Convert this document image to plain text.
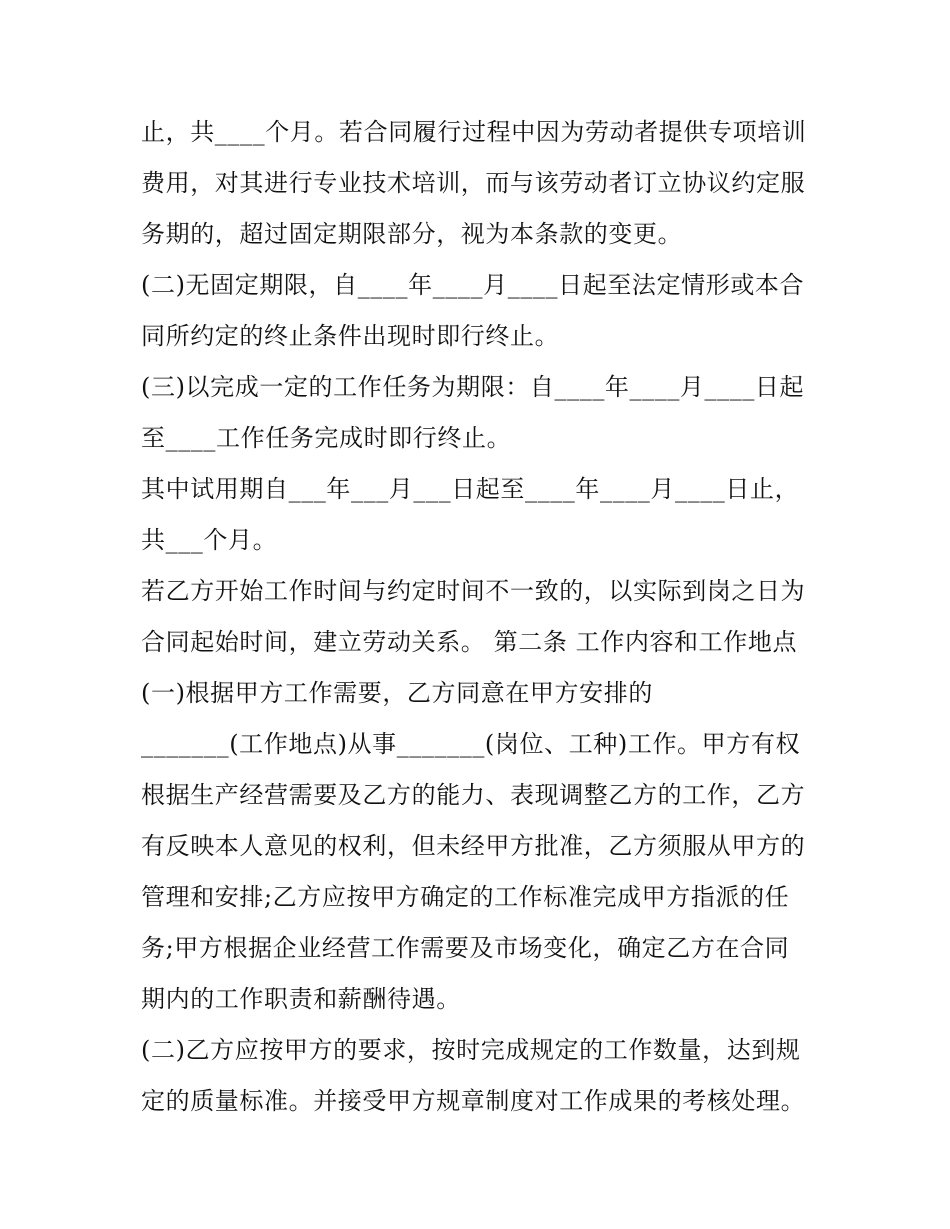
止，共____个月。若合同履行过程中因为劳动者提供专项培训
费用，对其进行专业技术培训，而与该劳动者订立协议约定服
务期的，超过固定期限部分，视为本条款的变更。
(二)无固定期限，自____年____月____日起至法定情形或本合
同所约定的终止条件出现时即行终止。
(三)以完成一定的工作任务为期限：自____年____月____日起
至____工作任务完成时即行终止。
其中试用期自___年___月___日起至____年____月____日止，
共___个月。
若乙方开始工作时间与约定时间不一致的，以实际到岗之日为
合同起始时间，建立劳动关系。 第二条 工作内容和工作地点
(一)根据甲方工作需要，乙方同意在甲方安排的
_______(工作地点)从事_______(岗位、工种)工作。甲方有权
根据生产经营需要及乙方的能力、表现调整乙方的工作，乙方
有反映本人意见的权利，但未经甲方批准，乙方须服从甲方的
管理和安排;乙方应按甲方确定的工作标准完成甲方指派的任
务;甲方根据企业经营工作需要及市场变化，确定乙方在合同
期内的工作职责和薪酬待遇。
(二)乙方应按甲方的要求，按时完成规定的工作数量，达到规
定的质量标准。并接受甲方规章制度对工作成果的考核处理。
